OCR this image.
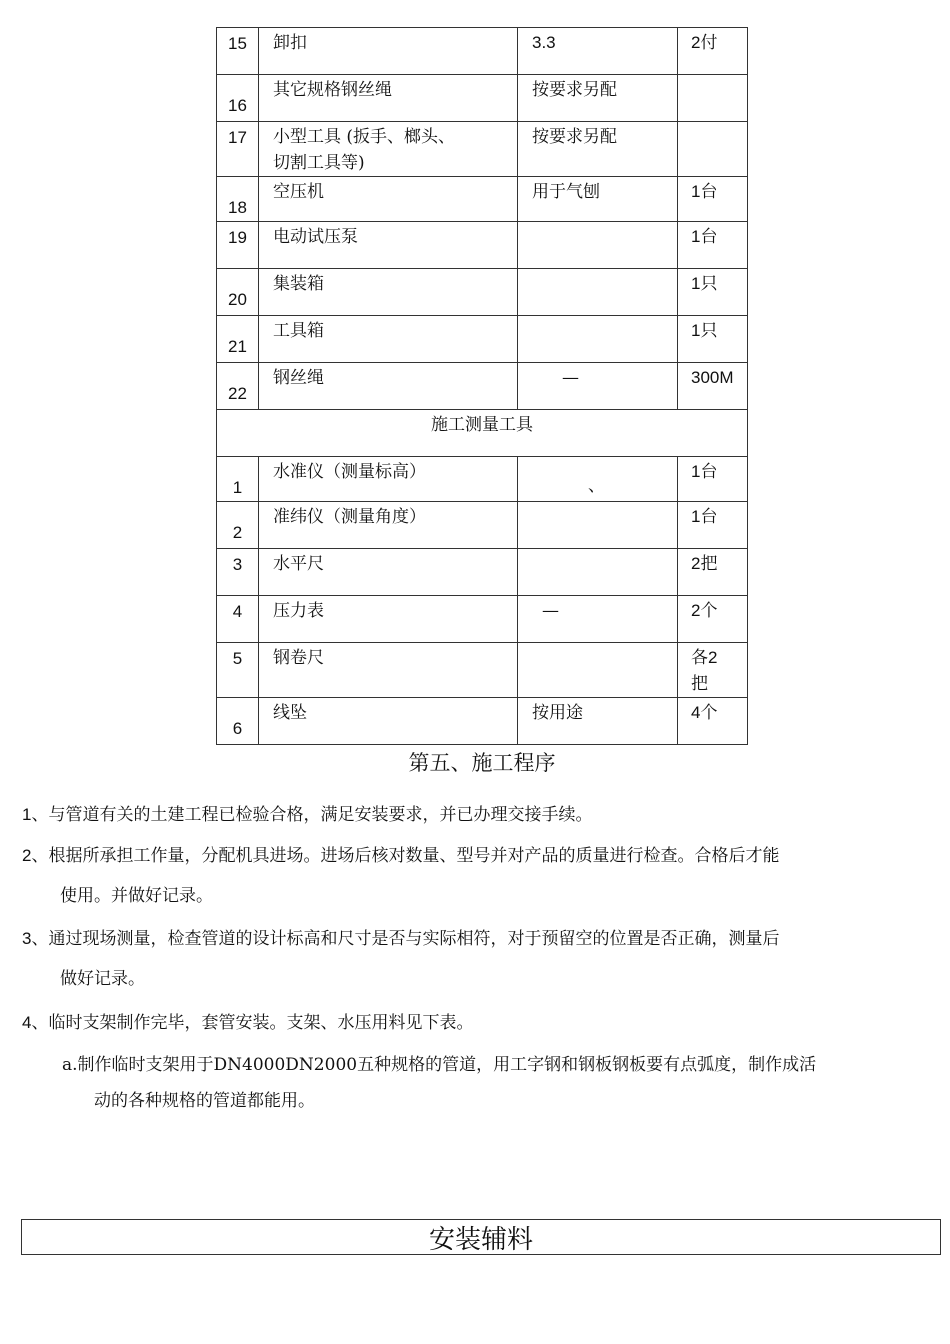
15	卸扣	3.3	2付

16	其它规格钢丝绳	按要求另配	

17	小型工具 (扳手、榔头、
切割工具等)	按要求另配	

18	空压机	用于气刨	1台

19	电动试压泵		1台

20	集装箱		1只

21	工具箱		1只

22	钢丝绳	—	300M
施工测量工具			

1	水准仪（测量标高）	、	1台

2	准纬仪（测量角度）		1台

3	水平尺		2把

4	压力表	—	2个

5	钢卷尺		各2
把

6	线坠	按用途	4个
第五、施工程序
1、与管道有关的土建工程已检验合格，满足安装要求，并已办理交接手续。
2、根据所承担工作量，分配机具进场。进场后核对数量、型号并对产品的质量进行检查。合格后才能
使用。并做好记录。
3、通过现场测量，检查管道的设计标高和尺寸是否与实际相符，对于预留空的位置是否正确，测量后
做好记录。
4、临时支架制作完毕，套管安装。支架、水压用料见下表。
a.制作临时支架用于DN4000DN2000五种规格的管道，用工字钢和钢板钢板要有点弧度，制作成活
动的各种规格的管道都能用。
安装辅料
